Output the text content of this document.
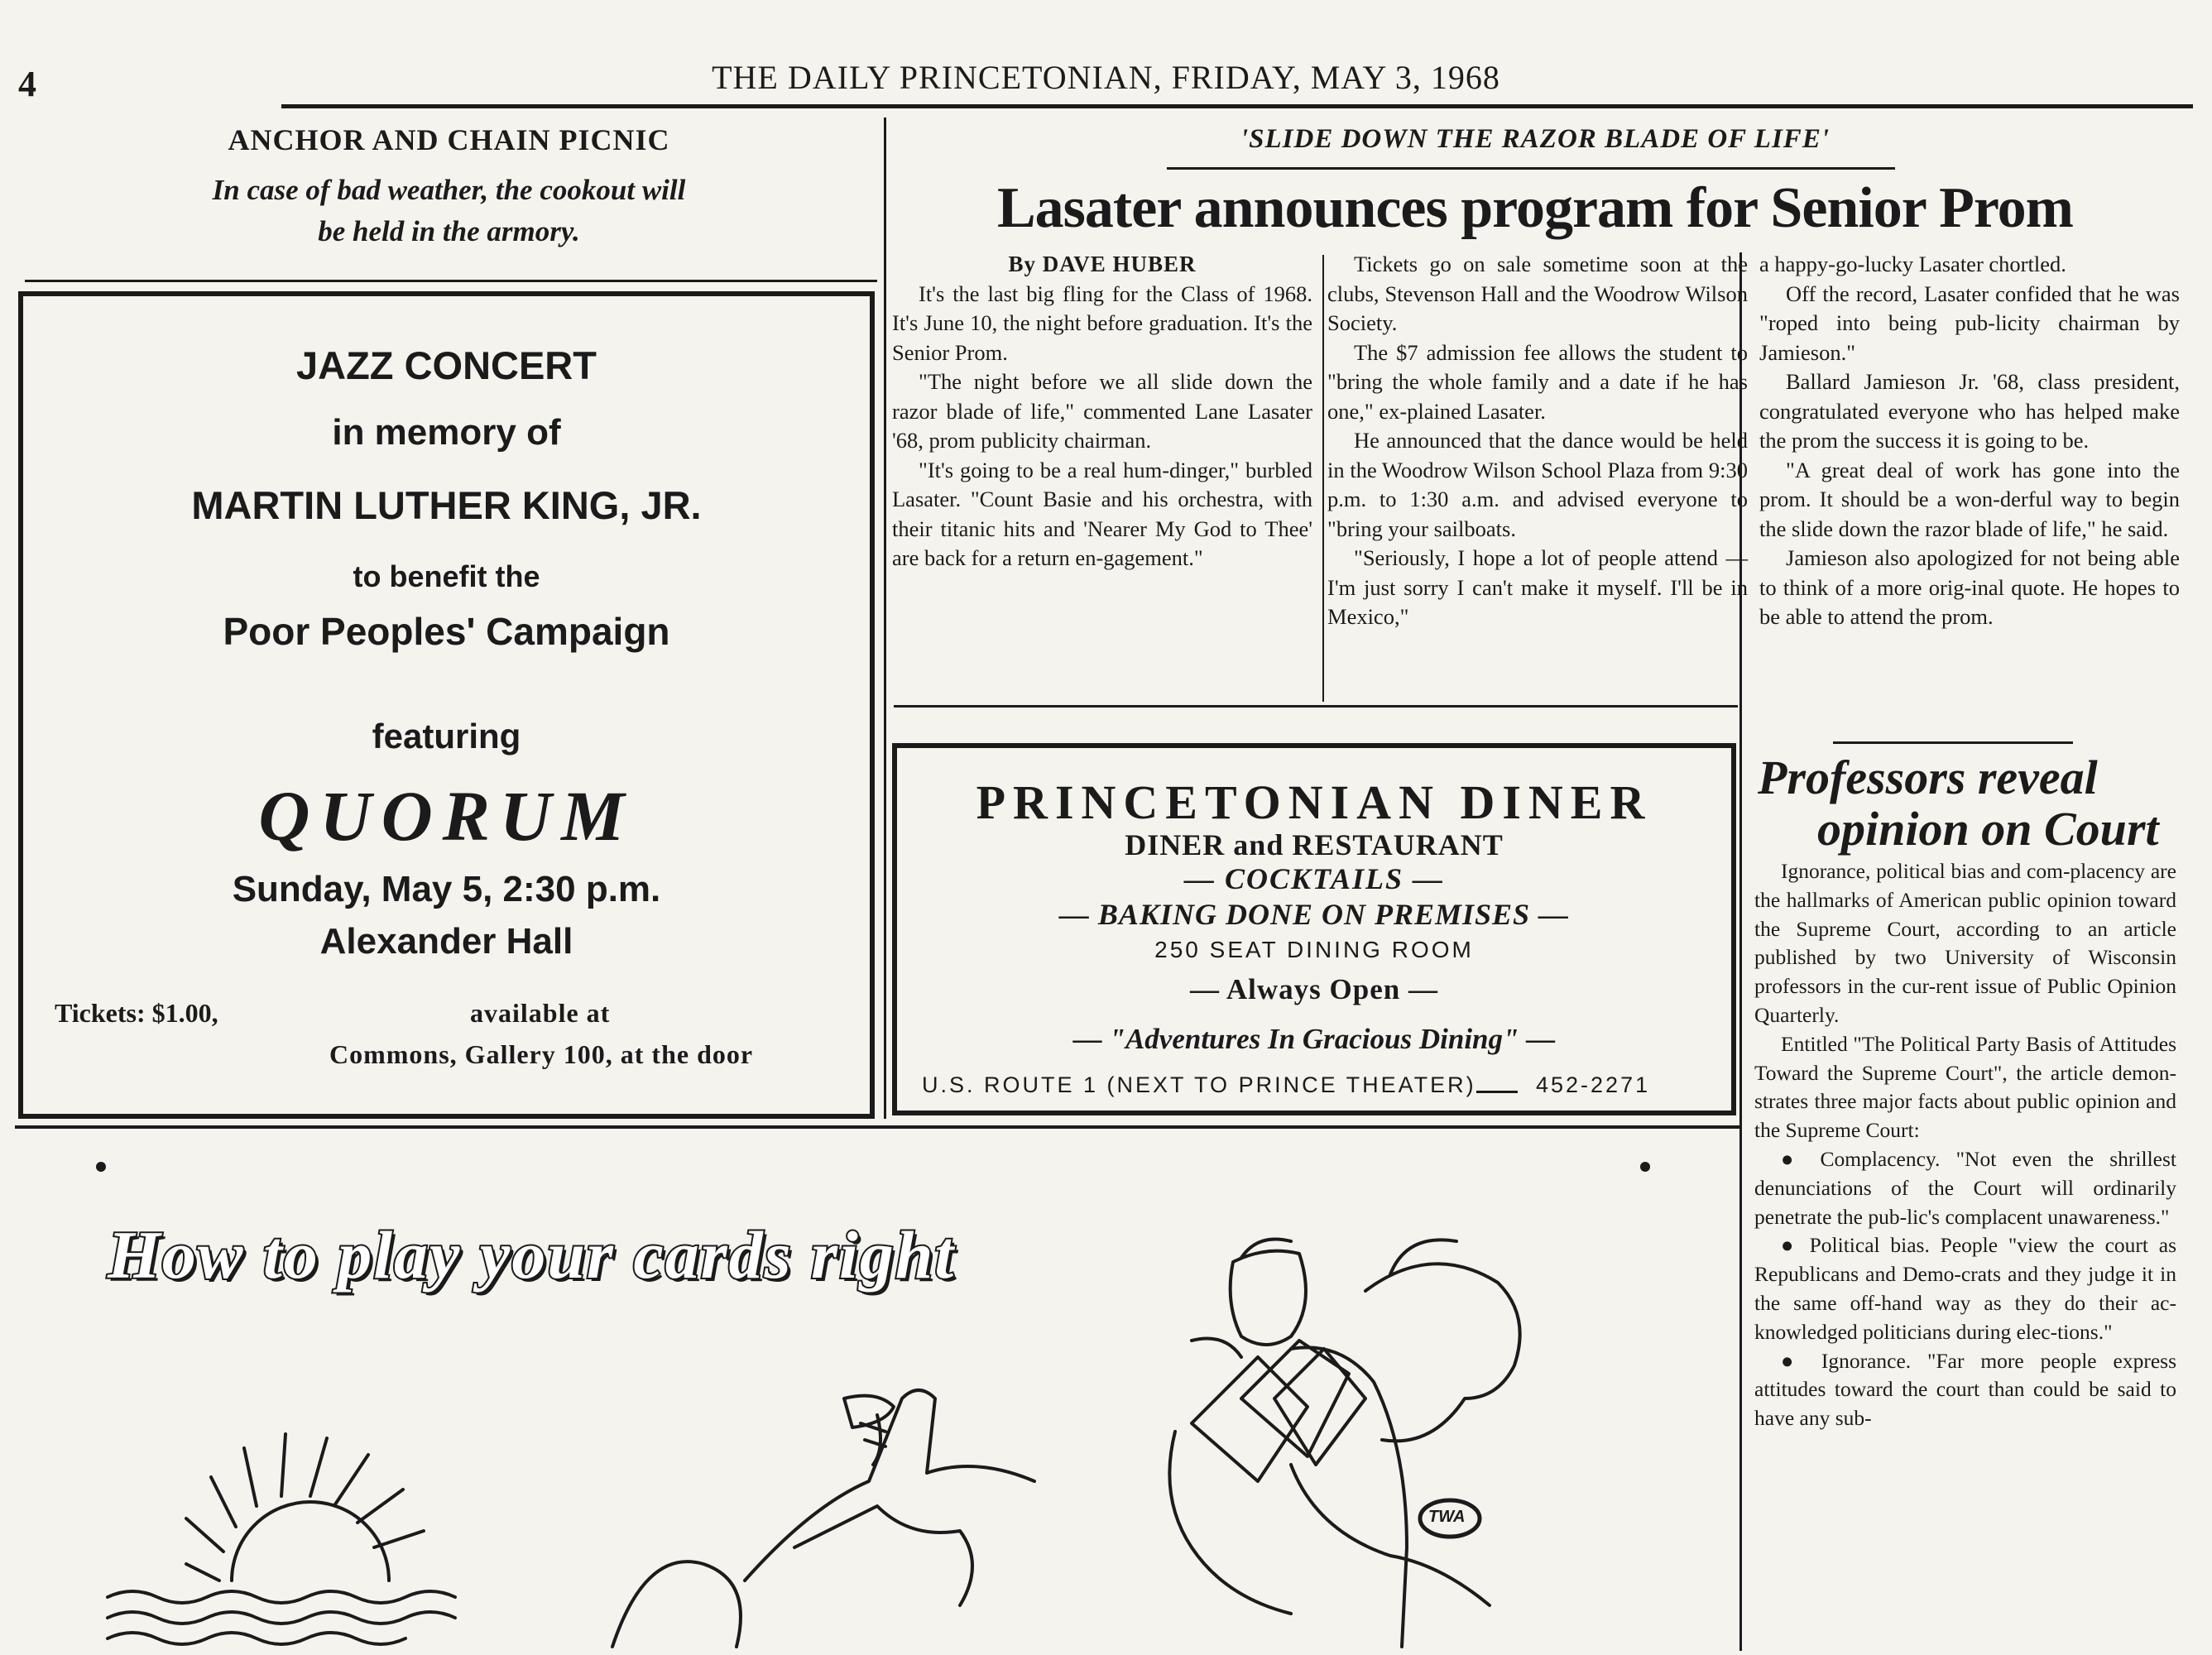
4	THE DAILY PRINCETONIAN, FRIDAY, MAY 3, 1968
ANCHOR AND CHAIN PICNIC
In case of bad weather, the cookout will
be held in the armory.
JAZZ CONCERT
in memory of
MARTIN LUTHER KING, JR.
to benefit the
Poor Peoples' Campaign
featuring
QUORUM
Sunday, May 5, 2:30 p.m.
Alexander Hall
Tickets: $1.00,	available at
Commons, Gallery 100, at the door
'SLIDE DOWN THE RAZOR BLADE OF LIFE'
Lasater announces program for Senior Prom

By DAVE HUBER

It's the last big fling for the Class of 1968. It's June 10, the night before graduation. It's the Senior Prom.

"The night before we all slide down the razor blade of life," commented Lane Lasater '68, prom publicity chairman.

"It's going to be a real hum-dinger," burbled Lasater. "Count Basie and his orchestra, with their titanic hits and 'Nearer My God to Thee' are back for a return en-gagement."

Tickets go on sale sometime soon at the clubs, Stevenson Hall and the Woodrow Wilson Society.

The $7 admission fee allows the student to "bring the whole family and a date if he has one," ex-plained Lasater.

He announced that the dance would be held in the Woodrow Wilson School Plaza from 9:30 p.m. to 1:30 a.m. and advised everyone to "bring your sailboats.

"Seriously, I hope a lot of people attend — I'm just sorry I can't make it myself. I'll be in Mexico,"

a happy-go-lucky Lasater chortled.

Off the record, Lasater confided that he was "roped into being pub-licity chairman by Jamieson."

Ballard Jamieson Jr. '68, class president, congratulated everyone who has helped make the prom the success it is going to be.

"A great deal of work has gone into the prom. It should be a won-derful way to begin the slide down the razor blade of life," he said.

Jamieson also apologized for not being able to think of a more orig-inal quote. He hopes to be able to attend the prom.

PRINCETONIAN DINER
DINER and RESTAURANT
— COCKTAILS —
— BAKING DONE ON PREMISES —
250 SEAT DINING ROOM
— Always Open —
— "Adventures In Gracious Dining" —
U.S. ROUTE 1 (NEXT TO PRINCE THEATER)	452-2271
Professors reveal
opinion on Court

Ignorance, political bias and com-placency are the hallmarks of American public opinion toward the Supreme Court, according to an article published by two University of Wisconsin professors in the cur-rent issue of Public Opinion Quarterly.

Entitled "The Political Party Basis of Attitudes Toward the Supreme Court", the article demon-strates three major facts about public opinion and the Supreme Court:

● Complacency. "Not even the shrillest denunciations of the Court will ordinarily penetrate the pub-lic's complacent unawareness."

● Political bias. People "view the court as Republicans and Demo-crats and they judge it in the same off-hand way as they do their ac-knowledged politicians during elec-tions."

● Ignorance. "Far more people express attitudes toward the court than could be said to have any sub-

How to play your cards right
TWA
